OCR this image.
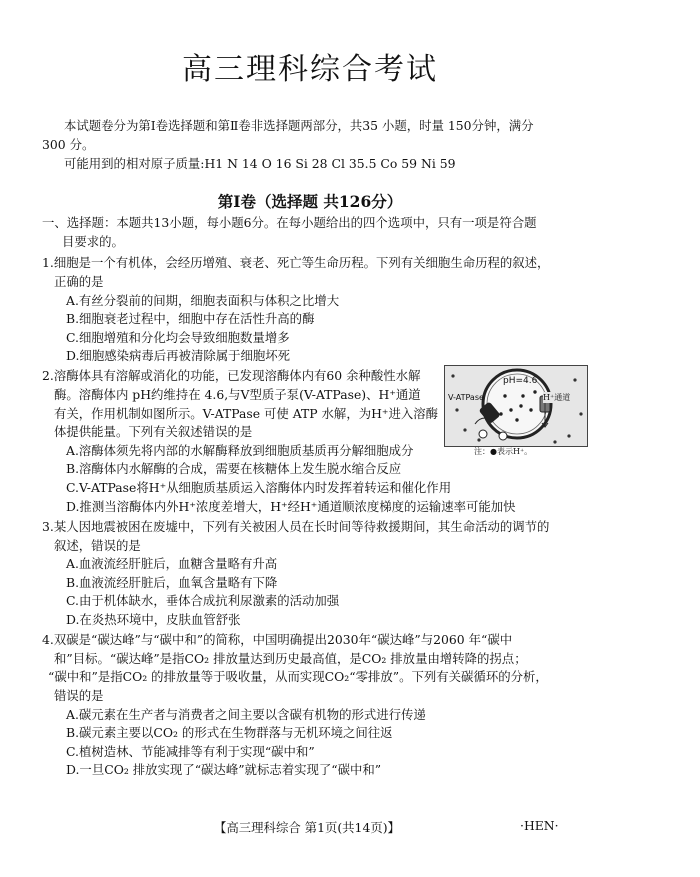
高三理科综合考试
本试题卷分为第Ⅰ卷选择题和第Ⅱ卷非选择题两部分，共35 小题，时量 150分钟，满分
300 分。
可能用到的相对原子质量:H1 N 14 O 16 Si 28 Cl 35.5 Co 59 Ni 59
第Ⅰ卷（选择题 共126分）
一、选择题：本题共13小题，每小题6分。在每小题给出的四个选项中，只有一项是符合题
目要求的。
1.细胞是一个有机体，会经历增殖、衰老、死亡等生命历程。下列有关细胞生命历程的叙述，
正确的是
A.有丝分裂前的间期，细胞表面积与体积之比增大
B.细胞衰老过程中，细胞中存在活性升高的酶
C.细胞增殖和分化均会导致细胞数量增多
D.细胞感染病毒后再被清除属于细胞坏死
2.溶酶体具有溶解或消化的功能，已发现溶酶体内有60 余种酸性水解
酶。溶酶体内 pH约维持在 4.6,与V型质子泵(V-ATPase)、H⁺通道
有关，作用机制如图所示。V-ATPase 可使 ATP 水解，为H⁺进入溶酶
体提供能量。下列有关叙述错误的是
A.溶酶体须先将内部的水解酶释放到细胞质基质再分解细胞成分
B.溶酶体内水解酶的合成，需要在核糖体上发生脱水缩合反应
C.V-ATPase将H⁺从细胞质基质运入溶酶体内时发挥着转运和催化作用
D.推测当溶酶体内外H⁺浓度差增大，H⁺经H⁺通道顺浓度梯度的运输速率可能加快
pH=4.6
V-ATPase	H⁺通道
注：●表示H⁺。
3.某人因地震被困在废墟中，下列有关被困人员在长时间等待救援期间，其生命活动的调节的
叙述，错误的是
A.血液流经肝脏后，血糖含量略有升高
B.血液流经肝脏后，血氧含量略有下降
C.由于机体缺水，垂体合成抗利尿激素的活动加强
D.在炎热环境中，皮肤血管舒张
4.双碳是“碳达峰”与“碳中和”的简称，中国明确提出2030年“碳达峰”与2060 年“碳中
和”目标。“碳达峰”是指CO₂ 排放量达到历史最高值，是CO₂ 排放量由增转降的拐点；
“碳中和”是指CO₂ 的排放量等于吸收量，从而实现CO₂“零排放”。下列有关碳循环的分析，
错误的是
A.碳元素在生产者与消费者之间主要以含碳有机物的形式进行传递
B.碳元素主要以CO₂ 的形式在生物群落与无机环境之间往返
C.植树造林、节能减排等有利于实现“碳中和”
D.一旦CO₂ 排放实现了“碳达峰”就标志着实现了“碳中和”
【高三理科综合 第1页(共14页)】	·HEN·
